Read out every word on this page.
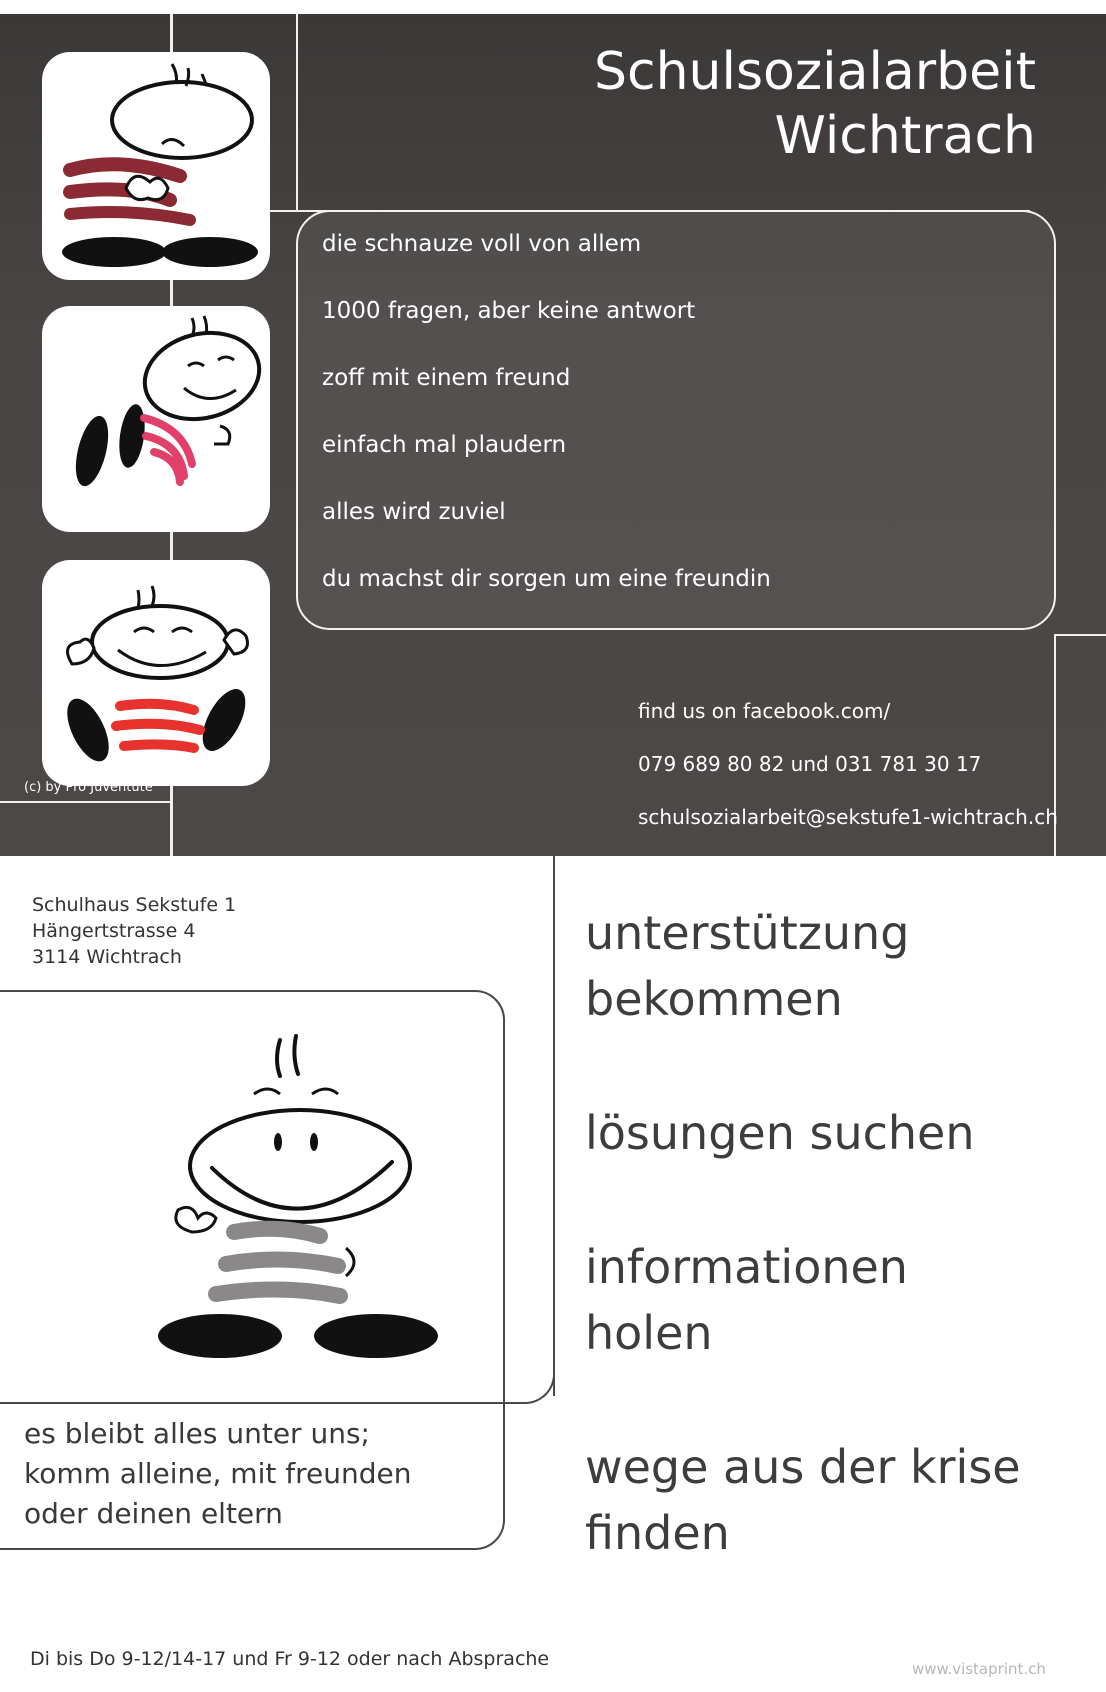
Schulsozialarbeit
Wichtrach
die schnauze voll von allem
1000 fragen, aber keine antwort
zoff mit einem freund
einfach mal plaudern
alles wird zuviel
du machst dir sorgen um eine freundin
find us on facebook.com/
079 689 80 82 und 031 781 30 17
schulsozialarbeit@sekstufe1-wichtrach.ch
(c) by Pro Juventute
Schulhaus Sekstufe 1
Hängertstrasse 4
3114 Wichtrach
es bleibt alles unter uns;
komm alleine, mit freunden
oder deinen eltern
unterstützung
bekommen
lösungen suchen
informationen
holen
wege aus der krise
finden
Di bis Do 9-12/14-17 und Fr 9-12 oder nach Absprache	www.vistaprint.ch
